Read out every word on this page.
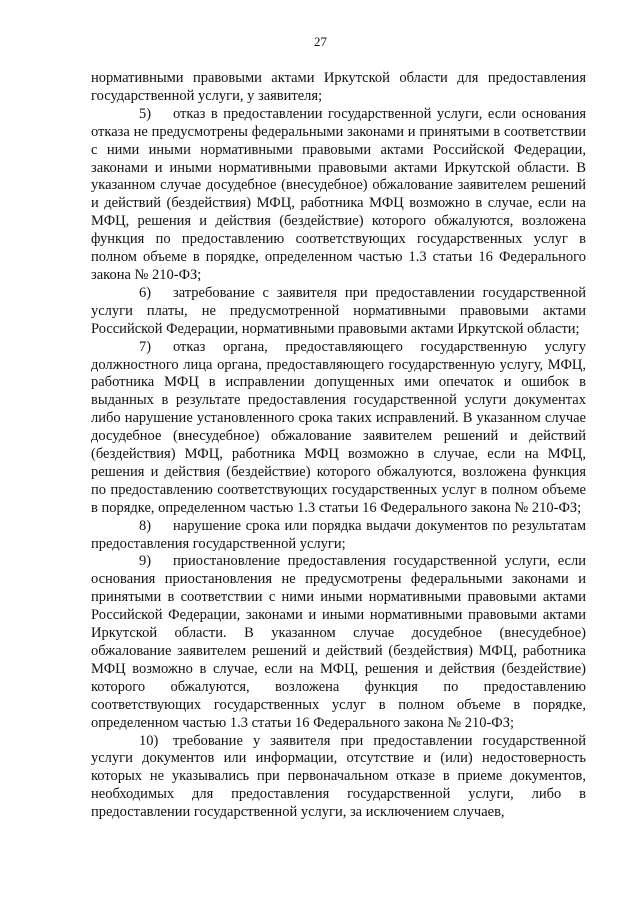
27

нормативными правовыми актами Иркутской области для предоставления государственной услуги, у заявителя;

5) отказ в предоставлении государственной услуги, если основания отказа не предусмотрены федеральными законами и принятыми в соответствии с ними иными нормативными правовыми актами Российской Федерации, законами и иными нормативными правовыми актами Иркутской области. В указанном случае досудебное (внесудебное) обжалование заявителем решений и действий (бездействия) МФЦ, работника МФЦ возможно в случае, если на МФЦ, решения и действия (бездействие) которого обжалуются, возложена функция по предоставлению соответствующих государственных услуг в полном объеме в порядке, определенном частью 1.3 статьи 16 Федерального закона № 210-ФЗ;

6) затребование с заявителя при предоставлении государственной услуги платы, не предусмотренной нормативными правовыми актами Российской Федерации, нормативными правовыми актами Иркутской области;

7) отказ органа, предоставляющего государственную услугу должностного лица органа, предоставляющего государственную услугу, МФЦ, работника МФЦ в исправлении допущенных ими опечаток и ошибок в выданных в результате предоставления государственной услуги документах либо нарушение установленного срока таких исправлений. В указанном случае досудебное (внесудебное) обжалование заявителем решений и действий (бездействия) МФЦ, работника МФЦ возможно в случае, если на МФЦ, решения и действия (бездействие) которого обжалуются, возложена функция по предоставлению соответствующих государственных услуг в полном объеме в порядке, определенном частью 1.3 статьи 16 Федерального закона № 210-ФЗ;

8) нарушение срока или порядка выдачи документов по результатам предоставления государственной услуги;

9) приостановление предоставления государственной услуги, если основания приостановления не предусмотрены федеральными законами и принятыми в соответствии с ними иными нормативными правовыми актами Российской Федерации, законами и иными нормативными правовыми актами Иркутской области. В указанном случае досудебное (внесудебное) обжалование заявителем решений и действий (бездействия) МФЦ, работника МФЦ возможно в случае, если на МФЦ, решения и действия (бездействие) которого обжалуются, возложена функция по предоставлению соответствующих государственных услуг в полном объеме в порядке, определенном частью 1.3 статьи 16 Федерального закона № 210-ФЗ;

10) требование у заявителя при предоставлении государственной услуги документов или информации, отсутствие и (или) недостоверность которых не указывались при первоначальном отказе в приеме документов, необходимых для предоставления государственной услуги, либо в предоставлении государственной услуги, за исключением случаев,
